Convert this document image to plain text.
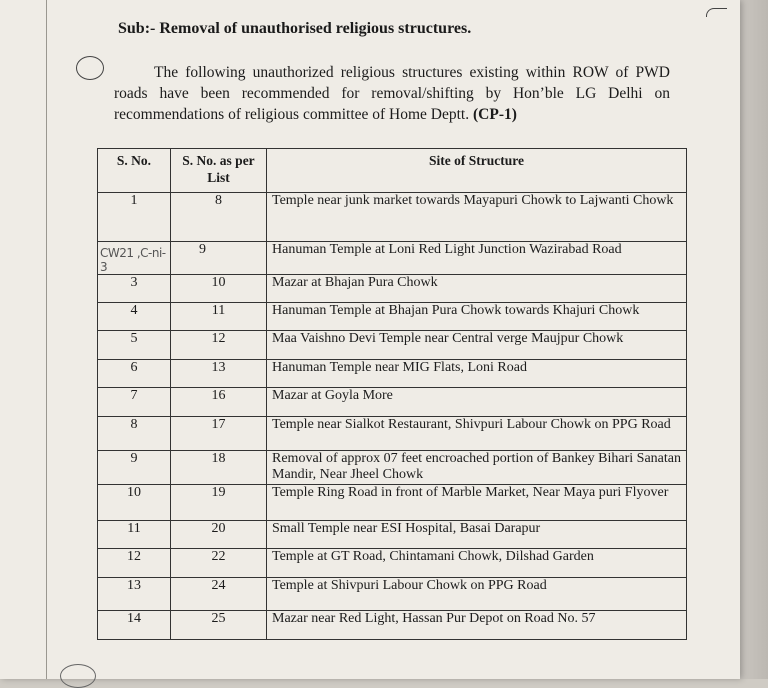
Sub:- Removal of unauthorised religious structures.
The following unauthorized religious structures existing within ROW of PWD roads have been recommended for removal/shifting by Hon’ble LG Delhi on recommendations of religious committee of Home Deptt. (CP-1)
S. No.	S. No. as per List	Site of Structure
1	8	Temple near junk market towards Mayapuri Chowk to Lajwanti Chowk
CW21 ,C-ni-3	9	Hanuman Temple at Loni Red Light Junction Wazirabad Road
3	10	Mazar at Bhajan Pura Chowk
4	11	Hanuman Temple at Bhajan Pura Chowk towards Khajuri Chowk
5	12	Maa Vaishno Devi Temple near Central verge Maujpur Chowk
6	13	Hanuman Temple near MIG Flats, Loni Road
7	16	Mazar at Goyla More
8	17	Temple near Sialkot Restaurant, Shivpuri Labour Chowk on PPG Road
9	18	Removal of approx 07 feet encroached portion of Bankey Bihari Sanatan Mandir, Near Jheel Chowk
10	19	Temple Ring Road in front of Marble Market, Near Maya puri Flyover
11	20	Small Temple near ESI Hospital, Basai Darapur
12	22	Temple at GT Road, Chintamani Chowk, Dilshad Garden
13	24	Temple at Shivpuri Labour Chowk on PPG Road
14	25	Mazar near Red Light, Hassan Pur Depot on Road No. 57
